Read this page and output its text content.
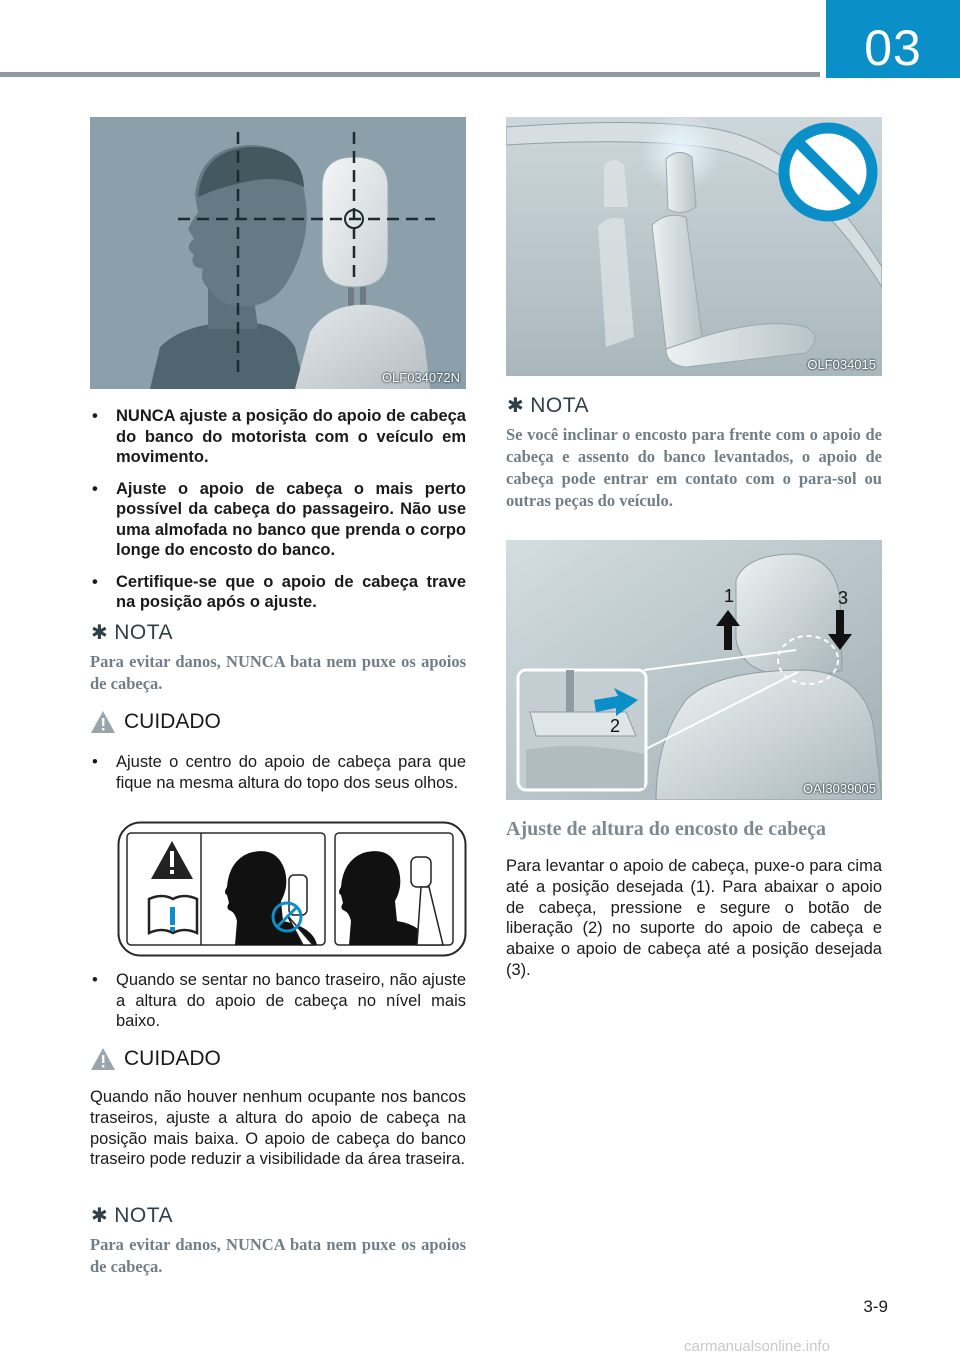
03
OLF034072N
• NUNCA ajuste a posição do apoio de cabeça do banco do motorista com o veículo em movimento.
• Ajuste o apoio de cabeça o mais perto possível da cabeça do passageiro. Não use uma almofada no banco que prenda o corpo longe do encosto do banco.
• Certifique-se que o apoio de cabeça trave na posição após o ajuste.
✱ NOTA
Para evitar danos, NUNCA bata nem puxe os apoios de cabeça.
CUIDADO
• Ajuste o centro do apoio de cabeça para que fique na mesma altura do topo dos seus olhos.
• Quando se sentar no banco traseiro, não ajuste a altura do apoio de cabeça no nível mais baixo.
CUIDADO
Quando não houver nenhum ocupante nos bancos traseiros, ajuste a altura do apoio de cabeça na posição mais baixa. O apoio de cabeça do banco traseiro pode reduzir a visibilidade da área traseira.
✱ NOTA
Para evitar danos, NUNCA bata nem puxe os apoios de cabeça.
OLF034015
✱ NOTA
Se você inclinar o encosto para frente com o apoio de cabeça e assento do banco levantados, o apoio de cabeça pode entrar em contato com o para-sol ou outras peças do veículo.
1	3
2
OAI3039005
Ajuste de altura do encosto de cabeça
Para levantar o apoio de cabeça, puxe-o para cima até a posição desejada (1). Para abaixar o apoio de cabeça, pressione e segure o botão de liberação (2) no suporte do apoio de cabeça e abaixe o apoio de cabeça até a posição desejada (3).
3-9
carmanualsonline.info
